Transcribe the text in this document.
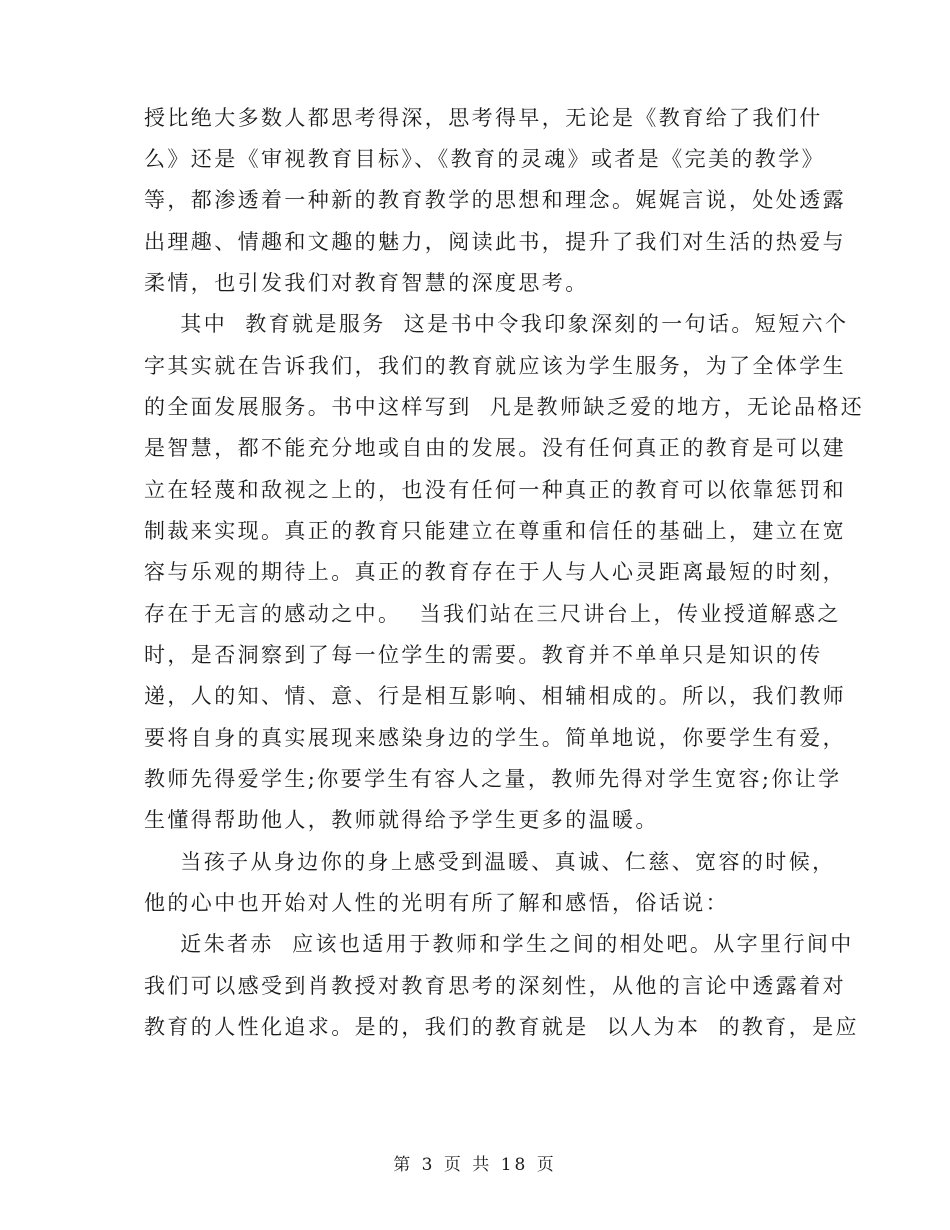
授比绝大多数人都思考得深，思考得早，无论是《教育给了我们什
么》还是《审视教育目标》、《教育的灵魂》或者是《完美的教学》
等，都渗透着一种新的教育教学的思想和理念。娓娓言说，处处透露
出理趣、情趣和文趣的魅力，阅读此书，提升了我们对生活的热爱与
柔情，也引发我们对教育智慧的深度思考。
其中  教育就是服务  这是书中令我印象深刻的一句话。短短六个
字其实就在告诉我们，我们的教育就应该为学生服务，为了全体学生
的全面发展服务。书中这样写到  凡是教师缺乏爱的地方，无论品格还
是智慧，都不能充分地或自由的发展。没有任何真正的教育是可以建
立在轻蔑和敌视之上的，也没有任何一种真正的教育可以依靠惩罚和
制裁来实现。真正的教育只能建立在尊重和信任的基础上，建立在宽
容与乐观的期待上。真正的教育存在于人与人心灵距离最短的时刻，
存在于无言的感动之中。  当我们站在三尺讲台上，传业授道解惑之
时，是否洞察到了每一位学生的需要。教育并不单单只是知识的传
递，人的知、情、意、行是相互影响、相辅相成的。所以，我们教师
要将自身的真实展现来感染身边的学生。简单地说，你要学生有爱，
教师先得爱学生;你要学生有容人之量，教师先得对学生宽容;你让学
生懂得帮助他人，教师就得给予学生更多的温暖。
当孩子从身边你的身上感受到温暖、真诚、仁慈、宽容的时候，
他的心中也开始对人性的光明有所了解和感悟，俗话说：
近朱者赤  应该也适用于教师和学生之间的相处吧。从字里行间中
我们可以感受到肖教授对教育思考的深刻性，从他的言论中透露着对
教育的人性化追求。是的，我们的教育就是  以人为本  的教育，是应
第 3 页 共 18 页
